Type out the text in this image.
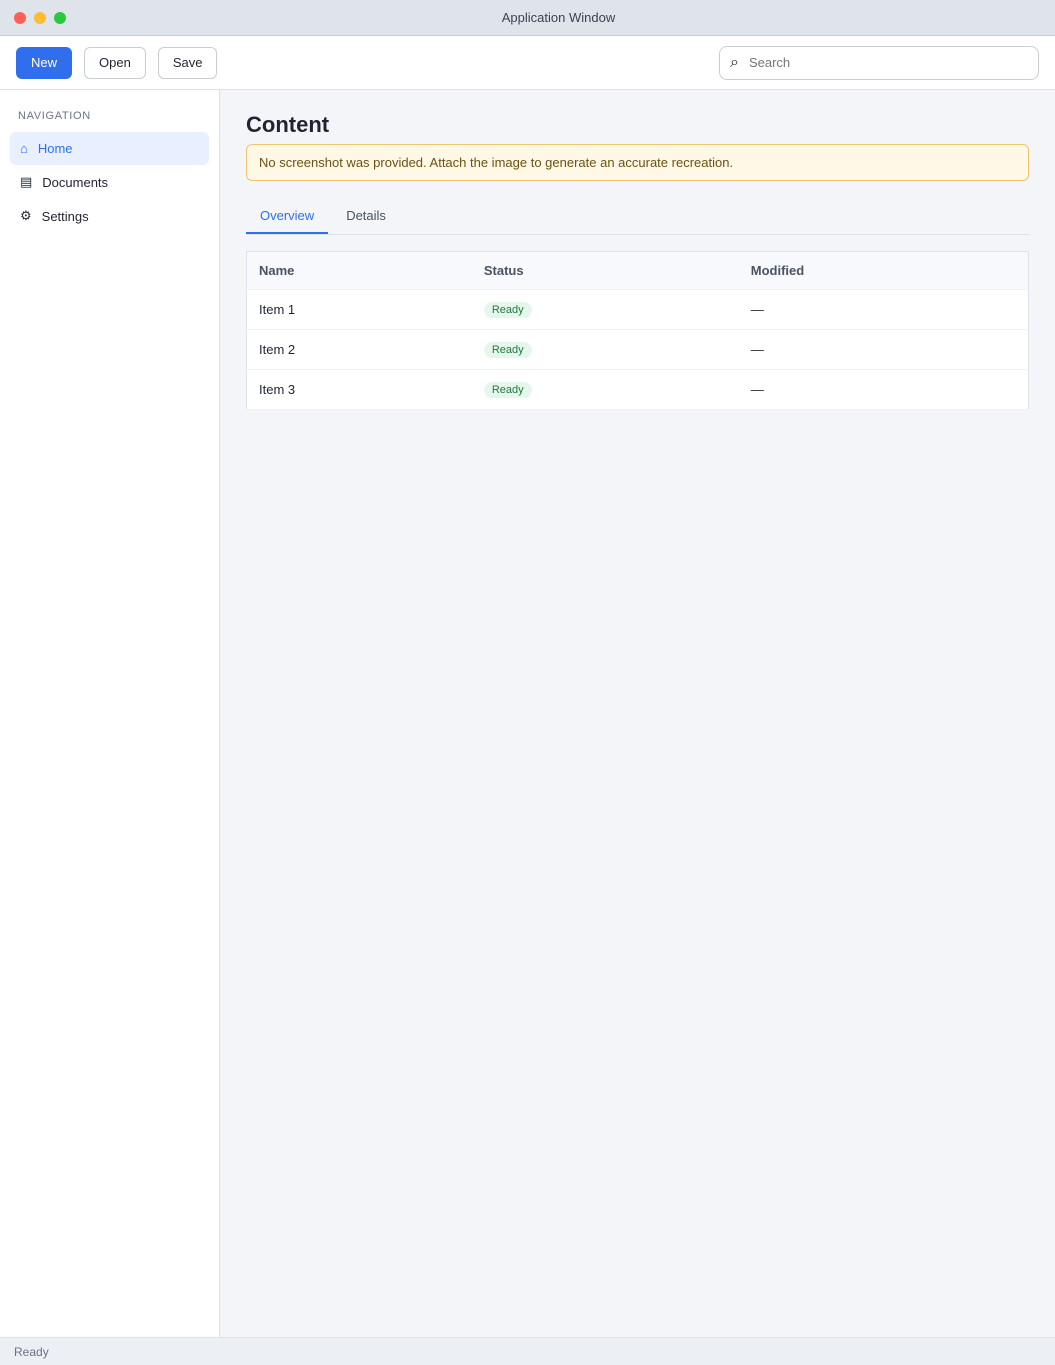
Application Window
New	Open	Save	⌕
Search
NAVIGATION
⌂ Home
▤ Documents
⚙ Settings
Content
No screenshot was provided. Attach the image to generate an accurate recreation.
Overview	Details
Name	Status	Modified
Item 1	Ready	—
Item 2	Ready	—
Item 3	Ready	—
Ready
